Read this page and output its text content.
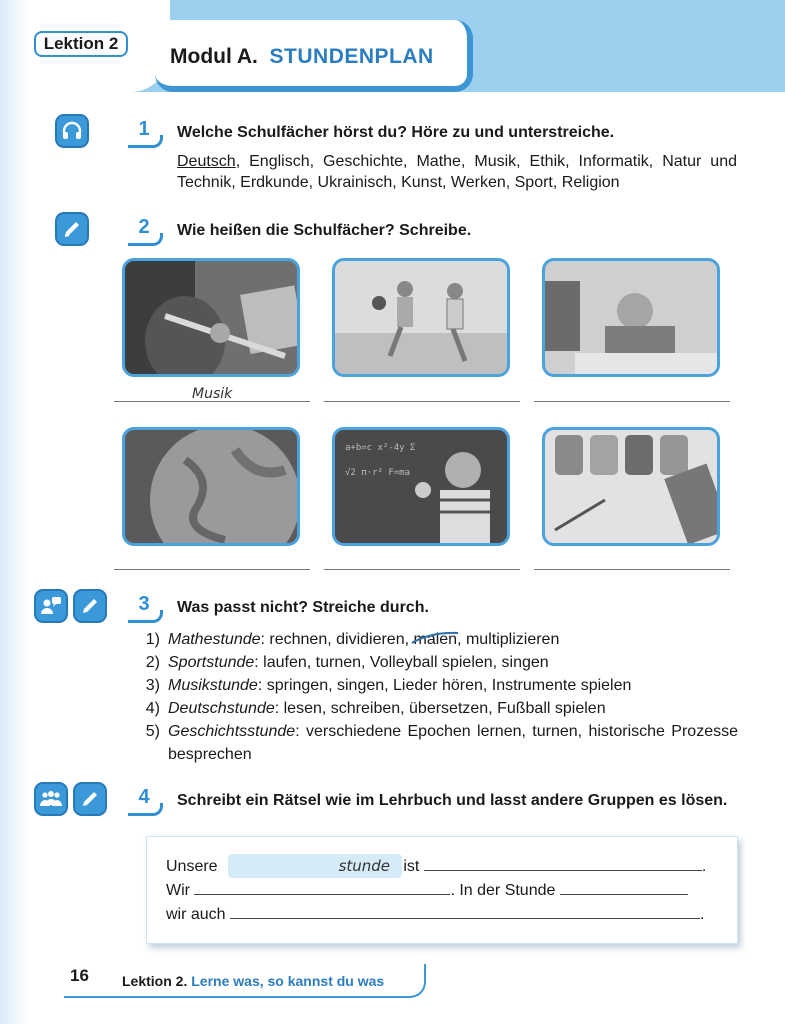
Lektion 2
Modul A. STUNDENPLAN
1	Welche Schulfächer hörst du? Höre zu und unterstreiche.
Deutsch, Englisch, Geschichte, Mathe, Musik, Ethik, Informatik, Natur und Technik, Erdkunde, Ukrainisch, Kunst, Werken, Sport, Religion
2	Wie heißen die Schulfächer? Schreibe.
Musik
a+b=c x²-4y Σ
√2 π·r² F=ma
3	Was passt nicht? Streiche durch.
1) Mathestunde: rechnen, dividieren, malen
, multiplizieren
2) Sportstunde: laufen, turnen, Volleyball spielen, singen
3) Musikstunde: springen, singen, Lieder hören, Instrumente spielen
4) Deutschstunde: lesen, schreiben, übersetzen, Fußball spielen
5) Geschichtsstunde: verschiedene Epochen lernen, turnen, historische Prozesse besprechen
4	Schreibt ein Rätsel wie im Lehrbuch und lasst andere Gruppen es lösen.
Unsere	stunde ist	.
Wir	. In der Stunde
wir auch	.
16 Lektion 2. Lerne was, so kannst du was
